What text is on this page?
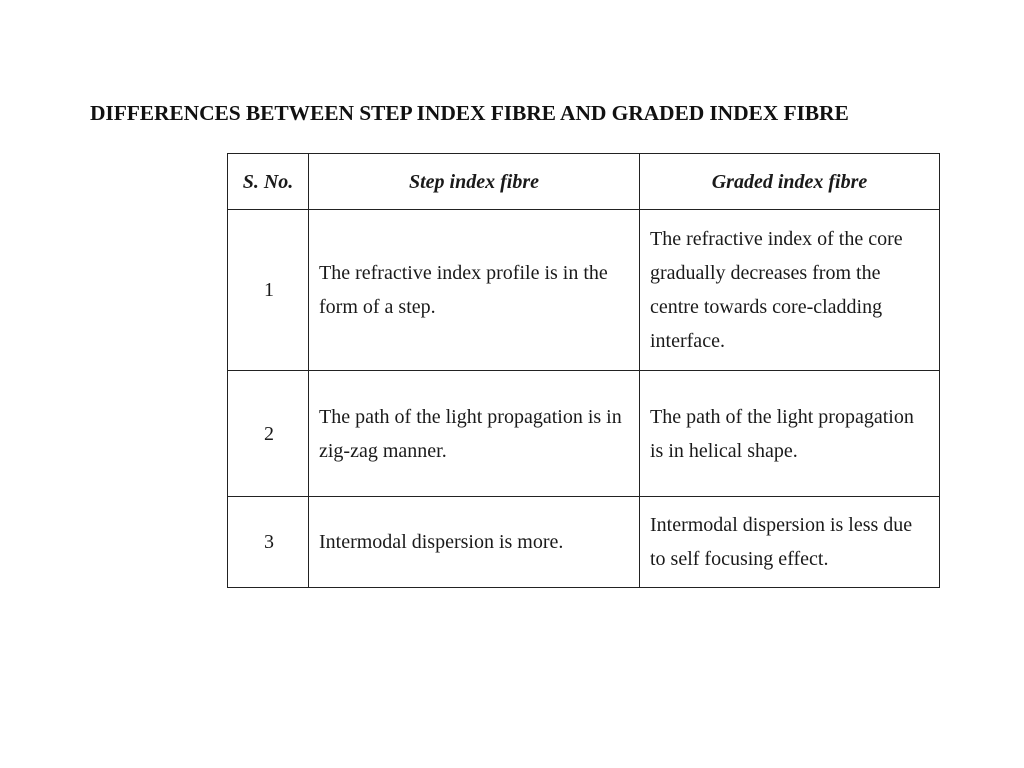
DIFFERENCES BETWEEN STEP INDEX FIBRE AND GRADED INDEX FIBRE
S. No.	Step index fibre	Graded index fibre
1	The refractive index profile is in the form of a step.	The refractive index of the core gradually decreases from the centre towards core-cladding interface.
2	The path of the light propagation is in zig-zag manner.	The path of the light propagation is in helical shape.
3	Intermodal dispersion is more.	Intermodal dispersion is less due to self focusing effect.
